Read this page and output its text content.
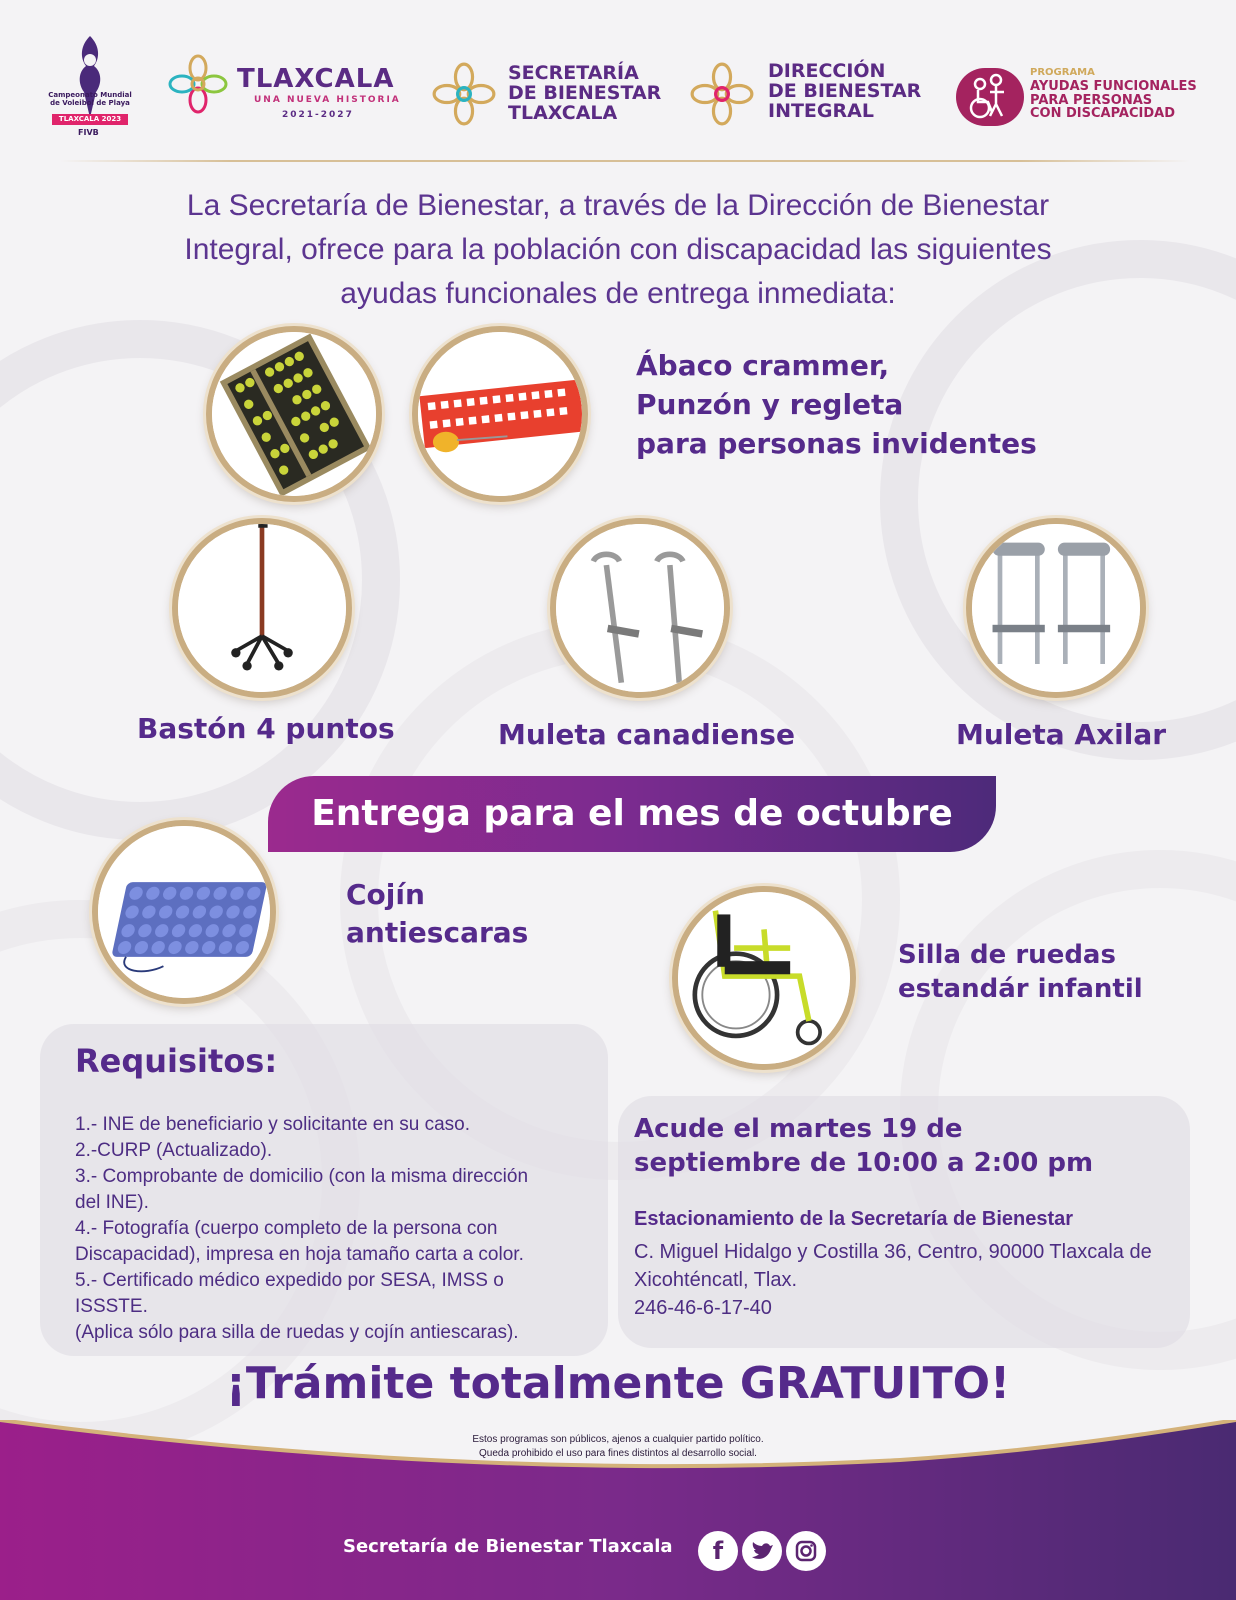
Campeonato Mundial
de Voleibol de Playa
TLAXCALA 2023
FIVB
TLAXCALA
UNA NUEVA HISTORIA
2021-2027
SECRETARÍA
DE BIENESTAR
TLAXCALA
DIRECCIÓN
DE BIENESTAR
INTEGRAL
PROGRAMA
AYUDAS FUNCIONALES
PARA PERSONAS
CON DISCAPACIDAD
La Secretaría de Bienestar, a través de la Dirección de Bienestar
Integral, ofrece para la población con discapacidad las siguientes
ayudas funcionales de entrega inmediata:
Ábaco crammer,
Punzón y regleta
para personas invidentes
Bastón 4 puntos	Muleta canadiense	Muleta Axilar
Entrega para el mes de octubre
Cojín
antiescaras
Silla de ruedas
estandár infantil
Requisitos:
1.- INE de beneficiario y solicitante en su caso.
2.-CURP (Actualizado).
3.- Comprobante de domicilio (con la misma dirección
del INE).
4.- Fotografía (cuerpo completo de la persona con
Discapacidad), impresa en hoja tamaño carta a color.
5.- Certificado médico expedido por SESA, IMSS o
ISSSTE.
(Aplica sólo para silla de ruedas y cojín antiescaras).
Acude el martes 19 de
septiembre de 10:00 a 2:00 pm
Estacionamiento de la Secretaría de Bienestar
C. Miguel Hidalgo y Costilla 36, Centro, 90000 Tlaxcala de
Xicohténcatl, Tlax.
246-46-6-17-40
¡Trámite totalmente GRATUITO!
Estos programas son públicos, ajenos a cualquier partido político.
Queda prohibido el uso para fines distintos al desarrollo social.
Secretaría de Bienestar Tlaxcala	f
